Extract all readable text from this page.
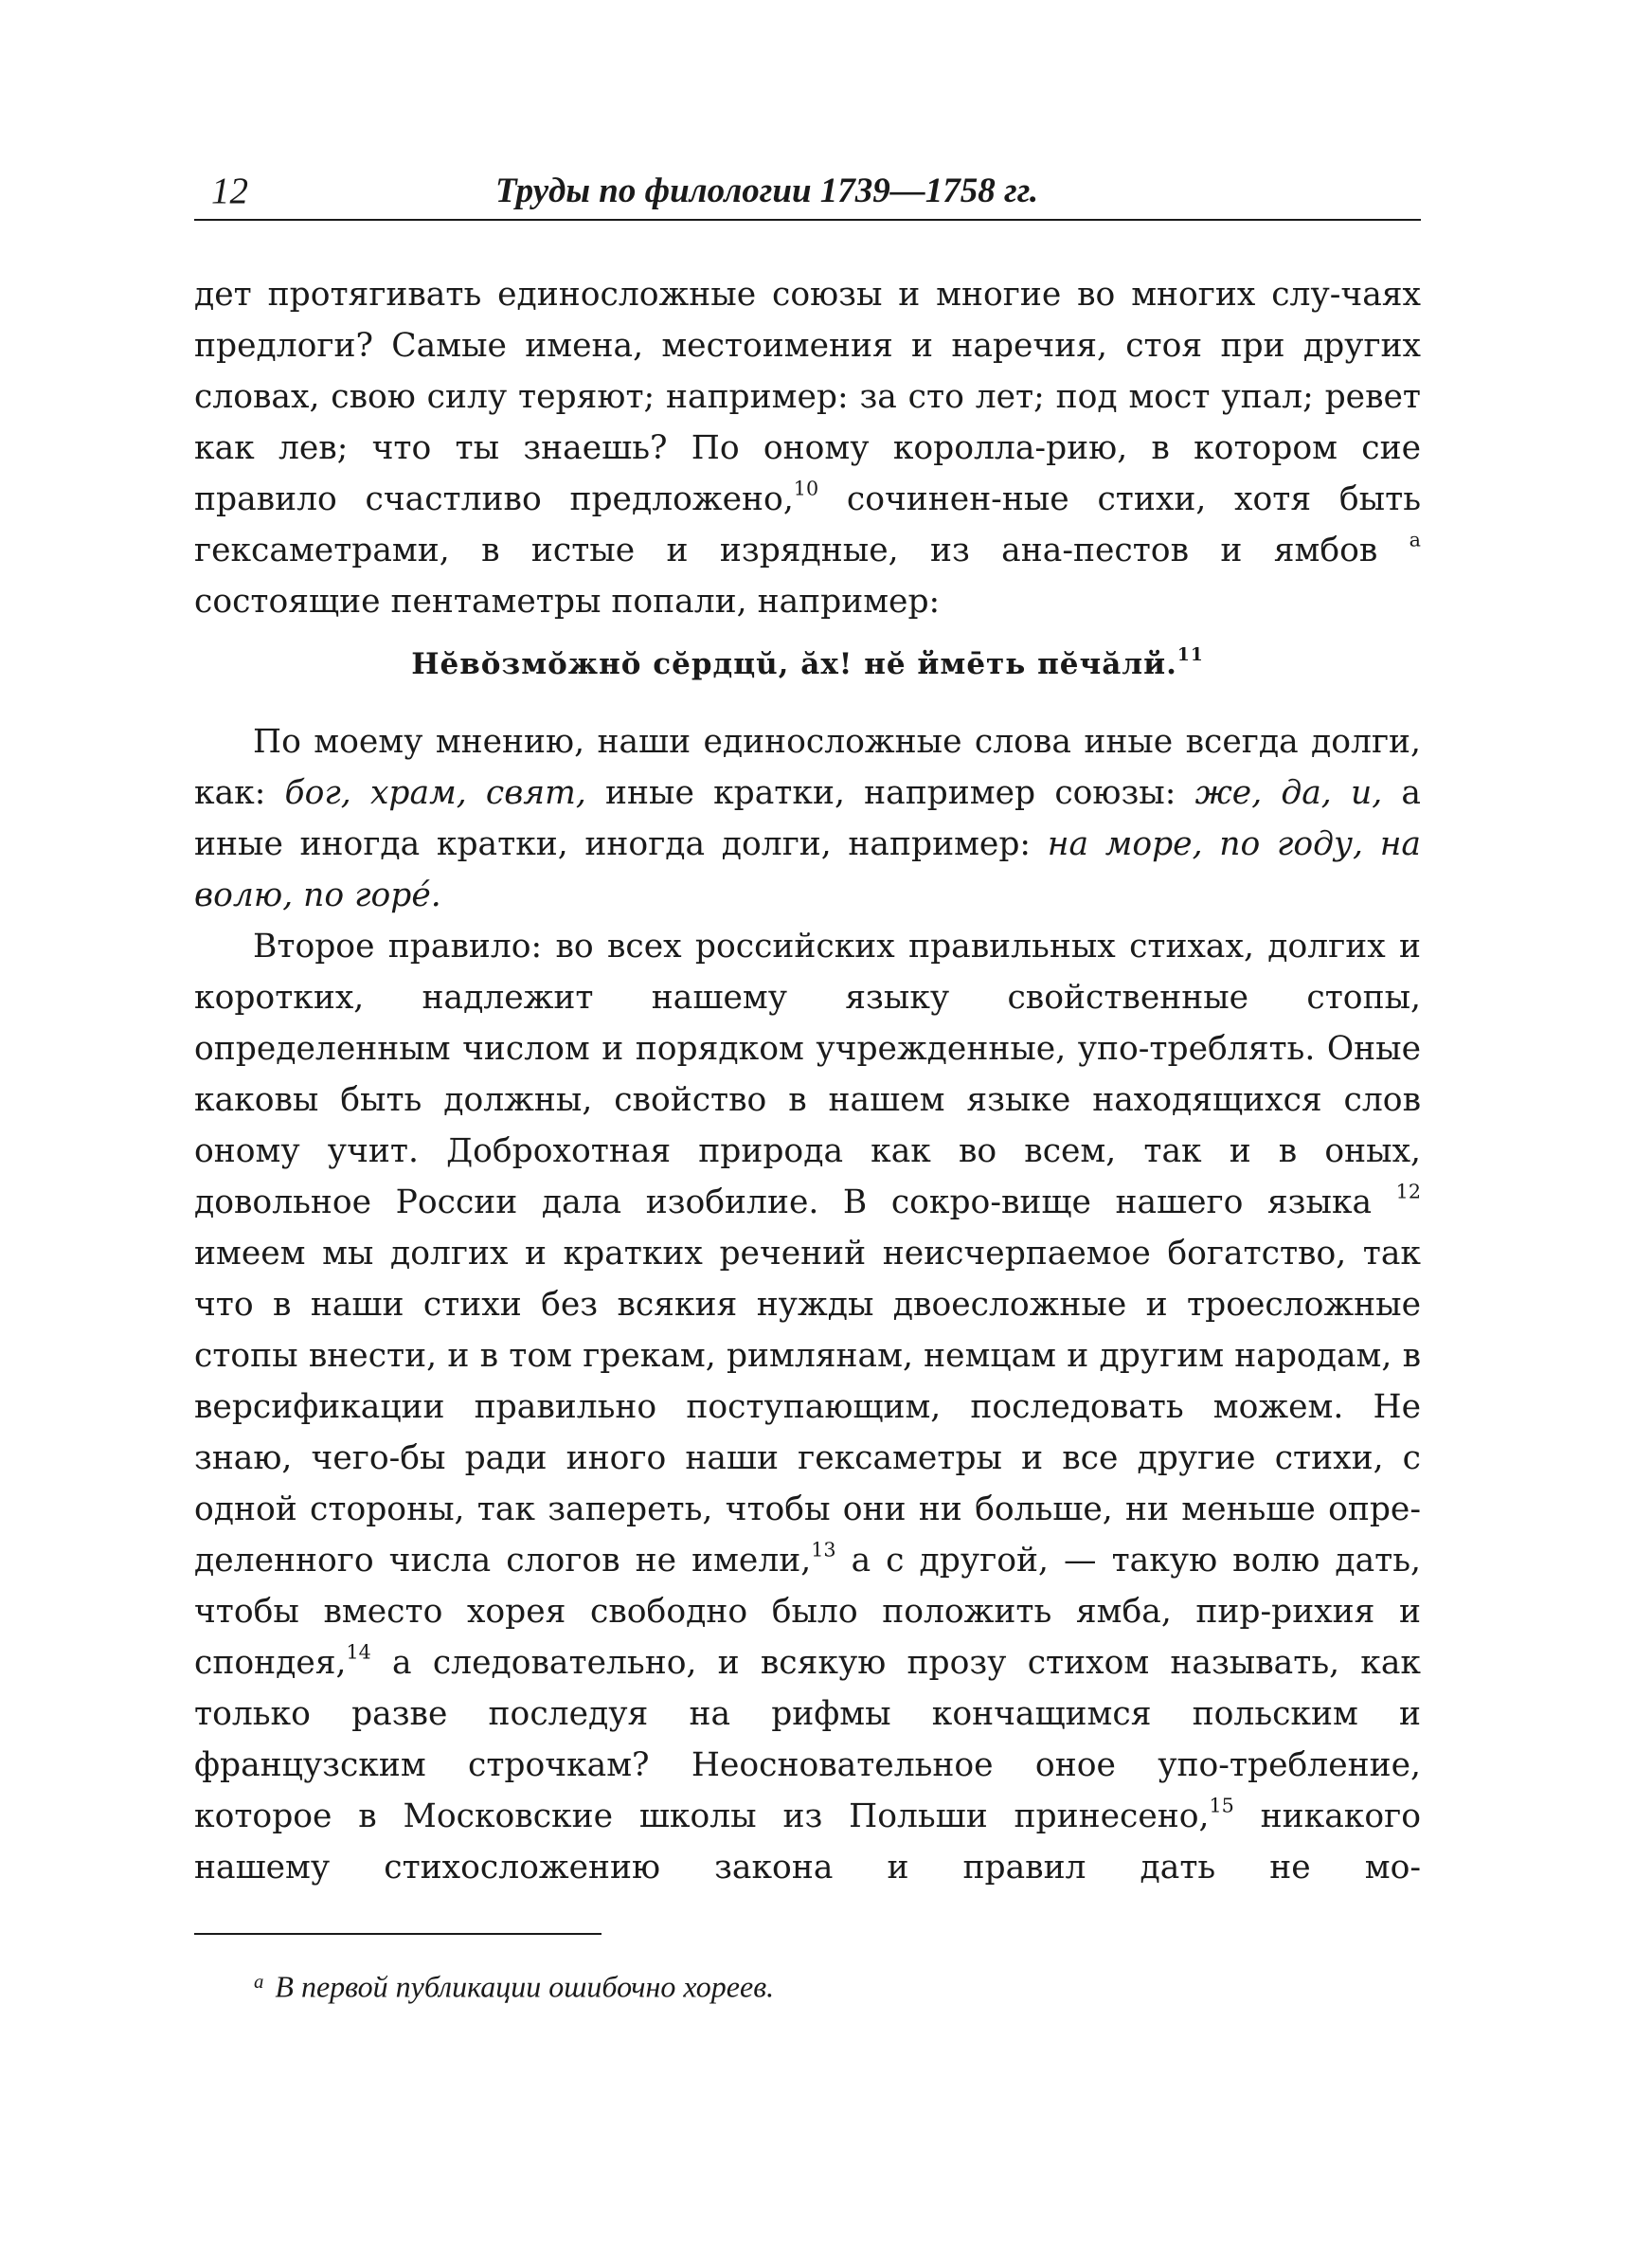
12	Труды по филологии 1739—1758 гг.

дет протягивать единосложные союзы и многие во многих слу-чаях предлоги? Самые имена, местоимения и наречия, стоя при других словах, свою силу теряют; например: за сто лет; под мост упал; ревет как лев; что ты знаешь? По оному королла-рию, в котором сие правило счастливо предложено,$^{10}$ сочинен-ные стихи, хотя быть гексаметрами, в истые и изрядные, из ана-пестов и ямбов $^а$ состоящие пентаметры попали, например:

Нĕвŏзмŏжнŏ сĕрдцŭ, ăх! нĕ ймēть пĕчăлй.$^{11}$

По моему мнению, наши единосложные слова иные всегда долги, как: бог, храм, свят, иные кратки, например союзы: же, да, и, а иные иногда кратки, иногда долги, например: на море, по году, на волю, по горé.

Второе правило: во всех российских правильных стихах, долгих и коротких, надлежит нашему языку свойственные стопы, определенным числом и порядком учрежденные, упо-треблять. Оные каковы быть должны, свойство в нашем языке находящихся слов оному учит. Доброхотная природа как во всем, так и в оных, довольное России дала изобилие. В сокро-вище нашего языка $^{12}$ имеем мы долгих и кратких речений неисчерпаемое богатство, так что в наши стихи без всякия нужды двоесложные и троесложные стопы внести, и в том грекам, римлянам, немцам и другим народам, в версификации правильно поступающим, последовать можем. Не знаю, чего-бы ради иного наши гексаметры и все другие стихи, с одной стороны, так запереть, чтобы они ни больше, ни меньше опре-деленного числа слогов не имели,$^{13}$ а с другой, — такую волю дать, чтобы вместо хорея свободно было положить ямба, пир-рихия и спондея,$^{14}$ а следовательно, и всякую прозу стихом называть, как только разве последуя на рифмы кончащимся польским и французским строчкам? Неосновательное оное упо-требление, которое в Московские школы из Польши принесено,$^{15}$ никакого нашему стихосложению закона и правил дать не мо-

$^а$ В первой публикации ошибочно хореев.
